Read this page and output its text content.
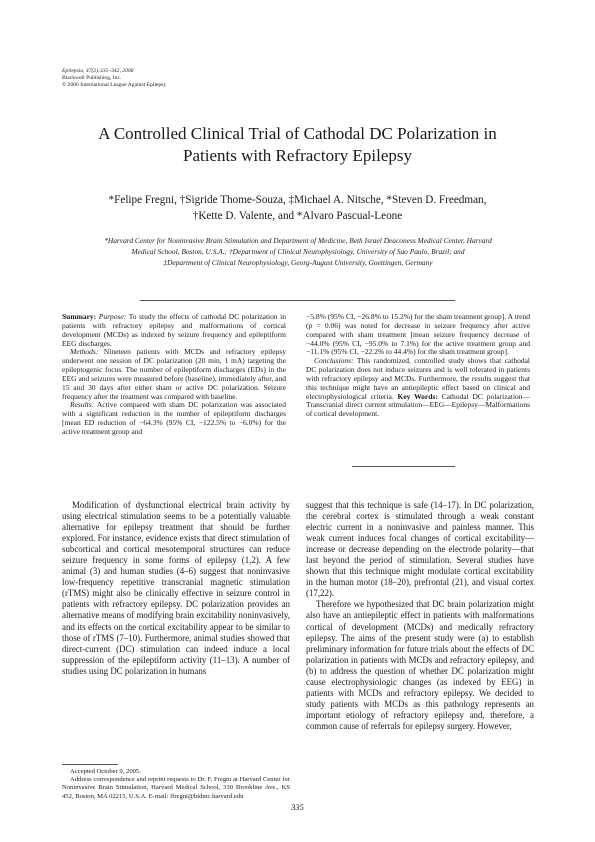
Epilepsia, 47(2):335–342, 2006
Blackwell Publishing, Inc.
© 2006 International League Against Epilepsy
A Controlled Clinical Trial of Cathodal DC Polarization in
Patients with Refractory Epilepsy
*Felipe Fregni, †Sigride Thome-Souza, ‡Michael A. Nitsche, *Steven D. Freedman,
†Kette D. Valente, and *Alvaro Pascual-Leone
*Harvard Center for Noninvasive Brain Stimulation and Department of Medicine, Beth Israel Deaconess Medical Center, Harvard
Medical School, Boston, U.S.A.; †Department of Clinical Neurophysiology, University of Sao Paulo, Brazil; and
‡Department of Clinical Neurophysiology, Georg-August University, Goettingen, Germany

Summary: Purpose: To study the effects of cathodal DC polarization in patients with refractory epilepsy and malformations of cortical development (MCDs) as indexed by seizure frequency and epileptiform EEG discharges.

Methods: Nineteen patients with MCDs and refractory epilepsy underwent one session of DC polarization (20 min, 1 mA) targeting the epileptogenic focus. The number of epileptiform discharges (EDs) in the EEG and seizures were measured before (baseline), immediately after, and 15 and 30 days after either sham or active DC polarization. Seizure frequency after the treatment was compared with baseline.

Results: Active compared with sham DC polarization was associated with a significant reduction in the number of epileptiform discharges [mean ED reduction of −64.3% (95% CI, −122.5% to −6.0%) for the active treatment group and

−5.8% (95% CI, −26.8% to 15.2%) for the sham treatment group]. A trend (p = 0.06) was noted for decrease in seizure frequency after active compared with sham treatment [mean seizure frequency decrease of −44.0% (95% CI, −95.0% to 7.1%) for the active treatment group and −11.1% (95% CI, −22.2% to 44.4%) for the sham treatment group].

Conclusions: This randomized, controlled study shows that cathodal DC polarization does not induce seizures and is well tolerated in patients with refractory epilepsy and MCDs. Furthermore, the results suggest that this technique might have an antiepileptic effect based on clinical and electrophysiological criteria. Key Words: Cathodal DC polarization—Transcranial direct current stimulation—EEG—Epilepsy—Malformations of cortical development.

Modification of dysfunctional electrical brain activity by using electrical stimulation seems to be a potentially valuable alternative for epilepsy treatment that should be further explored. For instance, evidence exists that direct stimulation of subcortical and cortical mesotemporal structures can reduce seizure frequency in some forms of epilepsy (1,2). A few animal (3) and human studies (4–6) suggest that noninvasive low-frequency repetitive transcranial magnetic stimulation (rTMS) might also be clinically effective in seizure control in patients with refractory epilepsy. DC polarization provides an alternative means of modifying brain excitability noninvasively, and its effects on the cortical excitability appear to be similar to those of rTMS (7–10). Furthermore, animal studies showed that direct-current (DC) stimulation can indeed induce a local suppression of the epileptiform activity (11–13). A number of studies using DC polarization in humans

suggest that this technique is safe (14–17). In DC polarization, the cerebral cortex is stimulated through a weak constant electric current in a noninvasive and painless manner. This weak current induces focal changes of cortical excitability—increase or decrease depending on the electrode polarity—that last beyond the period of stimulation. Several studies have shown that this technique might modulate cortical excitability in the human motor (18–20), prefrontal (21), and visual cortex (17,22).

Therefore we hypothesized that DC brain polarization might also have an antiepileptic effect in patients with malformations cortical of development (MCDs) and medically refractory epilepsy. The aims of the present study were (a) to establish preliminary information for future trials about the effects of DC polarization in patients with MCDs and refractory epilepsy, and (b) to address the question of whether DC polarization might cause electrophysiologic changes (as indexed by EEG) in patients with MCDs and refractory epilepsy. We decided to study patients with MCDs as this pathology represents an important etiology of refractory epilepsy and, therefore, a common cause of referrals for epilepsy surgery. However,

Accepted October 9, 2005.

Address correspondence and reprint requests to Dr. F. Fregni at Harvard Center for Noninvasive Brain Stimulation, Harvard Medical School, 330 Brookline Ave., KS 452, Boston, MA 02215, U.S.A. E-mail: ffregni@bidmc.harvard.edu

335
